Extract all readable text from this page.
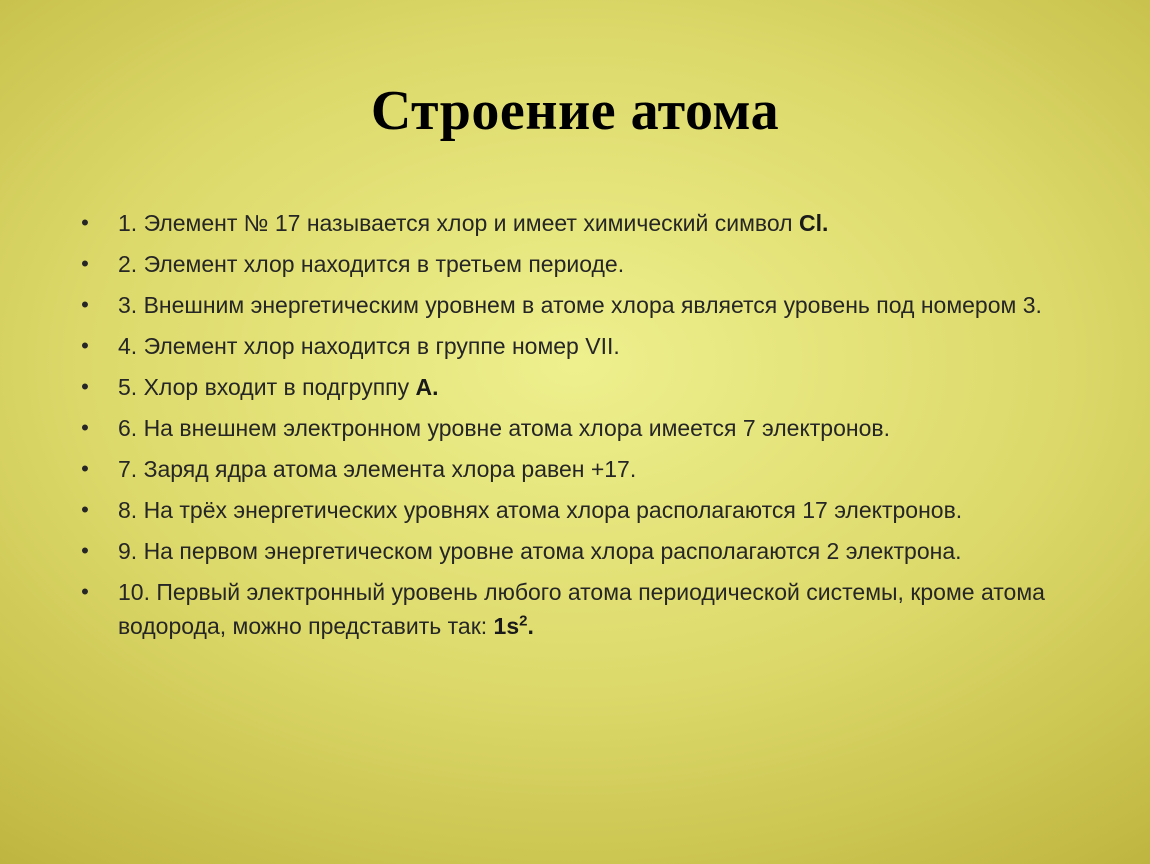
Строение атома
• 1. Элемент № 17 называется хлор и имеет химический символ Cl.
• 2. Элемент хлор находится в третьем периоде.
• 3. Внешним энергетическим уровнем в атоме хлора является уровень под номером 3.
• 4. Элемент хлор находится в группе номер VII.
• 5. Хлор входит в подгруппу А.
• 6. На внешнем электронном уровне атома хлора имеется 7 электронов.
• 7. Заряд ядра атома элемента хлора равен +17.
• 8. На трёх энергетических уровнях атома хлора располагаются 17 электронов.
• 9. На первом энергетическом уровне атома хлора располагаются 2 электрона.
• 10. Первый электронный уровень любого атома периодической системы, кроме атома водорода, можно представить так: $1s^2$.
